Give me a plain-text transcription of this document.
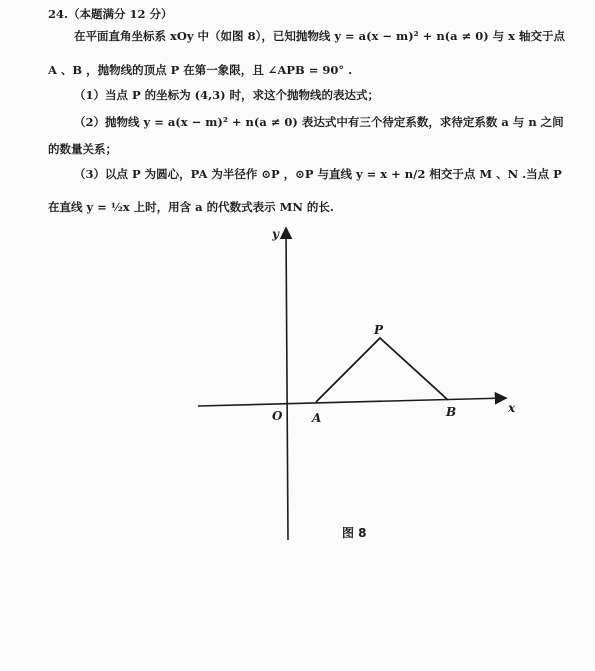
24.（本题满分 12 分）
在平面直角坐标系 xOy 中（如图 8），已知抛物线 y = a(x − m)² + n(a ≠ 0) 与 x 轴交于点
A 、B ，抛物线的顶点 P 在第一象限，且 ∠APB = 90° .
（1）当点 P 的坐标为 (4,3) 时，求这个抛物线的表达式；
（2）抛物线 y = a(x − m)² + n(a ≠ 0) 表达式中有三个待定系数，求待定系数 a 与 n 之间
的数量关系；
（3）以点 P 为圆心，PA 为半径作 ⊙P ，⊙P 与直线 y = x + n/2 相交于点 M 、N .当点 P
在直线 y = ½x 上时，用含 a 的代数式表示 MN 的长.
x
y
O A	B
P
图 8
